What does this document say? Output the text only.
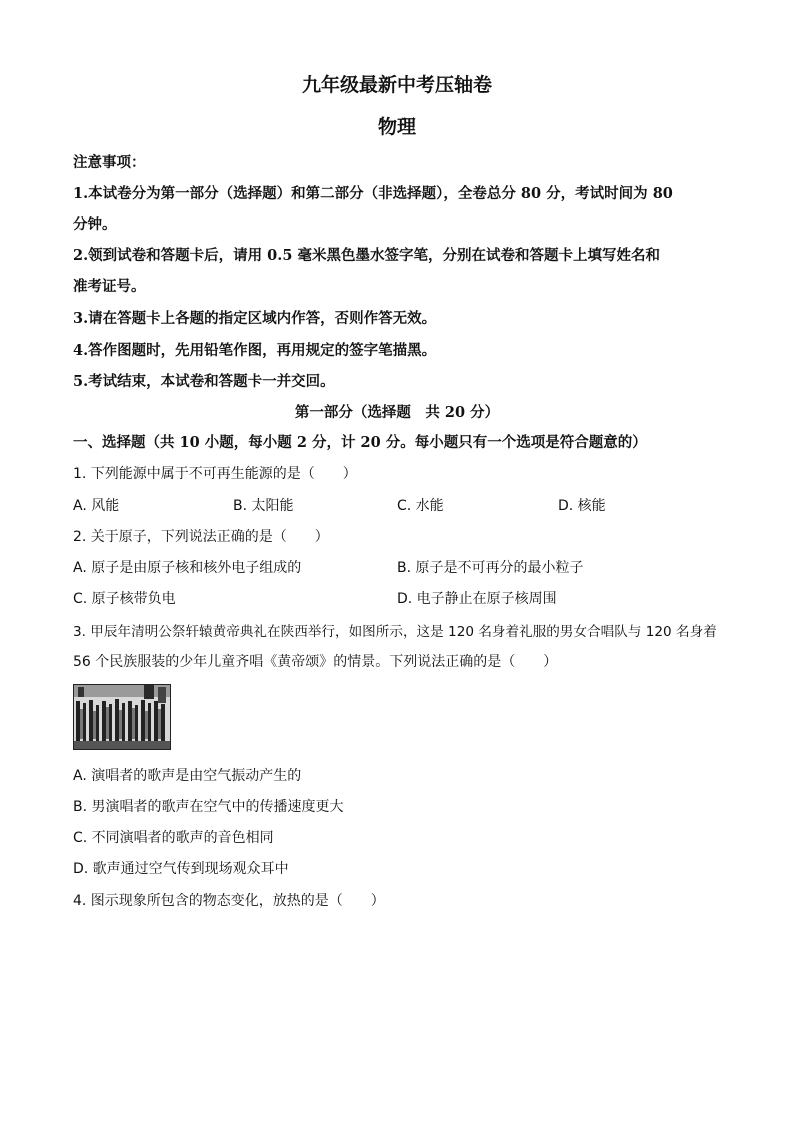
九年级最新中考压轴卷
物理
注意事项：
1.本试卷分为第一部分（选择题）和第二部分（非选择题），全卷总分 80 分，考试时间为 80
分钟。
2.领到试卷和答题卡后，请用 0.5 毫米黑色墨水签字笔，分别在试卷和答题卡上填写姓名和
准考证号。
3.请在答题卡上各题的指定区域内作答，否则作答无效。
4.答作图题时，先用铅笔作图，再用规定的签字笔描黑。
5.考试结束，本试卷和答题卡一并交回。
第一部分（选择题　共 20 分）
一、选择题（共 10 小题，每小题 2 分，计 20 分。每小题只有一个选项是符合题意的）
1. 下列能源中属于不可再生能源的是（　　）
A. 风能	B. 太阳能	C. 水能	D. 核能
2. 关于原子，下列说法正确的是（　　）
A. 原子是由原子核和核外电子组成的	B. 原子是不可再分的最小粒子
C. 原子核带负电	D. 电子静止在原子核周围
3. 甲辰年清明公祭轩辕黄帝典礼在陕西举行，如图所示，这是 120 名身着礼服的男女合唱队与 120 名身着
56 个民族服装的少年儿童齐唱《黄帝颂》的情景。下列说法正确的是（　　）
A. 演唱者的歌声是由空气振动产生的
B. 男演唱者的歌声在空气中的传播速度更大
C. 不同演唱者的歌声的音色相同
D. 歌声通过空气传到现场观众耳中
4. 图示现象所包含的物态变化，放热的是（　　）
